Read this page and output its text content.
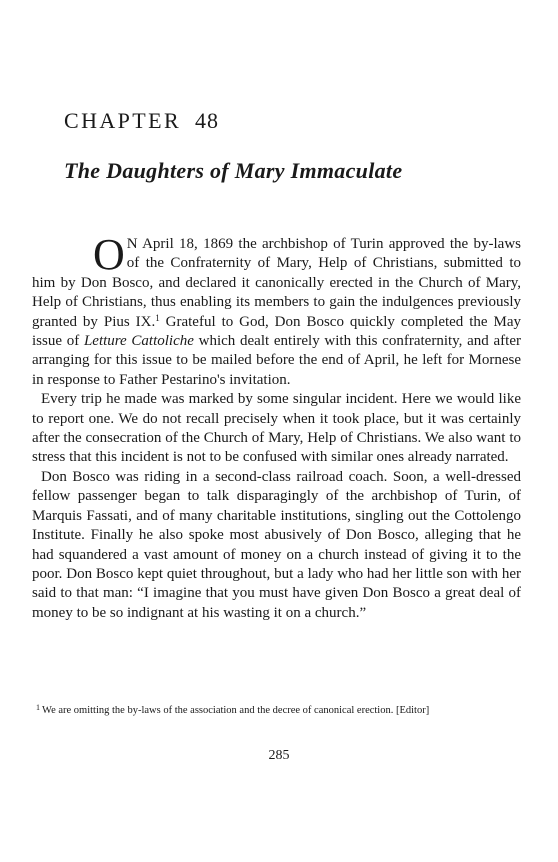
CHAPTER 48
The Daughters of Mary Immaculate

O N April 18, 1869 the archbishop of Turin approved the by-laws of the Confraternity of Mary, Help of Christians, submitted to him by Don Bosco, and declared it canonically erected in the Church of Mary, Help of Christians, thus enabling its members to gain the indulgences previously granted by Pius IX.$^1$ Grateful to God, Don Bosco quickly completed the May issue of Letture Cattoliche which dealt entirely with this confraternity, and after arranging for this issue to be mailed before the end of April, he left for Mornese in response to Father Pestarino's invitation.

Every trip he made was marked by some singular incident. Here we would like to report one. We do not recall precisely when it took place, but it was certainly after the consecration of the Church of Mary, Help of Christians. We also want to stress that this incident is not to be confused with similar ones already narrated.

Don Bosco was riding in a second-class railroad coach. Soon, a well-dressed fellow passenger began to talk disparagingly of the archbishop of Turin, of Marquis Fassati, and of many charitable institutions, singling out the Cottolengo Institute. Finally he also spoke most abusively of Don Bosco, alleging that he had squandered a vast amount of money on a church instead of giving it to the poor. Don Bosco kept quiet throughout, but a lady who had her little son with her said to that man: “I imagine that you must have given Don Bosco a great deal of money to be so indignant at his wasting it on a church.”

$^1$ We are omitting the by-laws of the association and the decree of canonical erection. [Editor]
285
